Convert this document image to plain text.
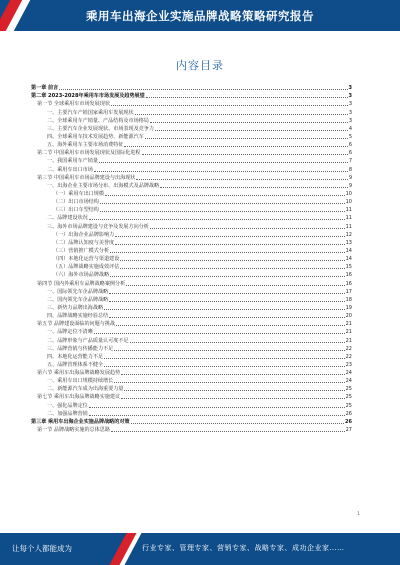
乘用车出海企业实施品牌战略策略研究报告
内容目录
第一章 前言	3
第二章 2023-2028年乘用车市场发展及趋势展望	3
第一节 全球乘用车市场发展现状	3
一、主要汽车产销国家乘用车发展现状	3
二、全球乘用车产销量、产品结构及市场格局	3
三、主要汽车企业发展现状、市场表现及竞争力	4
四、全球乘用车技术发展趋势、新能源汽车	5
五、海外乘用车主要市场消费特征	6
第二节 中国乘用车市场发展现状及国际化进程	6
一、我国乘用车产销量	7
二、乘用车出口市场	8
第三节 中国乘用车市场品牌建设与出海现状	9
一、出海企业主要市场分布、出海模式及品牌战略	9
（一）乘用车出口规模	10
（二）出口市场结构	10
（三）出口车型结构	11
二、品牌建设状况	11
三、海外市场品牌建设与竞争及发展方向分析	11
（一）出海企业品牌影响力	12
（二）品牌认知度与美誉度	13
（三）营销推广模式分析	14
（四）本地化运营与渠道建设	14
（五）品牌战略实施成效评估	15
（六）海外市场品牌战略	16
第四节 国内外乘用车品牌战略案例分析	16
一、国际领先车企品牌战略	17
二、国内领先车企品牌战略	18
三、新势力品牌出海战略	19
四、品牌战略实施经验总结	20
第五节 品牌建设面临的问题与挑战	21
一、品牌定位不清晰	21
二、品牌形象与产品质量认可度不足	21
三、品牌营销与传播能力不足	22
四、本地化运营能力不足	22
五、品牌管理体系不健全	23
第六节 乘用车出海品牌战略发展趋势	24
一、乘用车出口规模持续增长	24
二、新能源汽车成为出海重要力量	25
第七节 乘用车出海品牌战略实施建议	25
一、强化品牌定位	25
二、加强品牌营销	26
第三章 乘用车出海企业实施品牌战略的对策	26
第一节 品牌战略实施的总体思路	27
1
让每个人都能成为	行业专家、管理专家、营销专家、战略专家、成功企业家……
